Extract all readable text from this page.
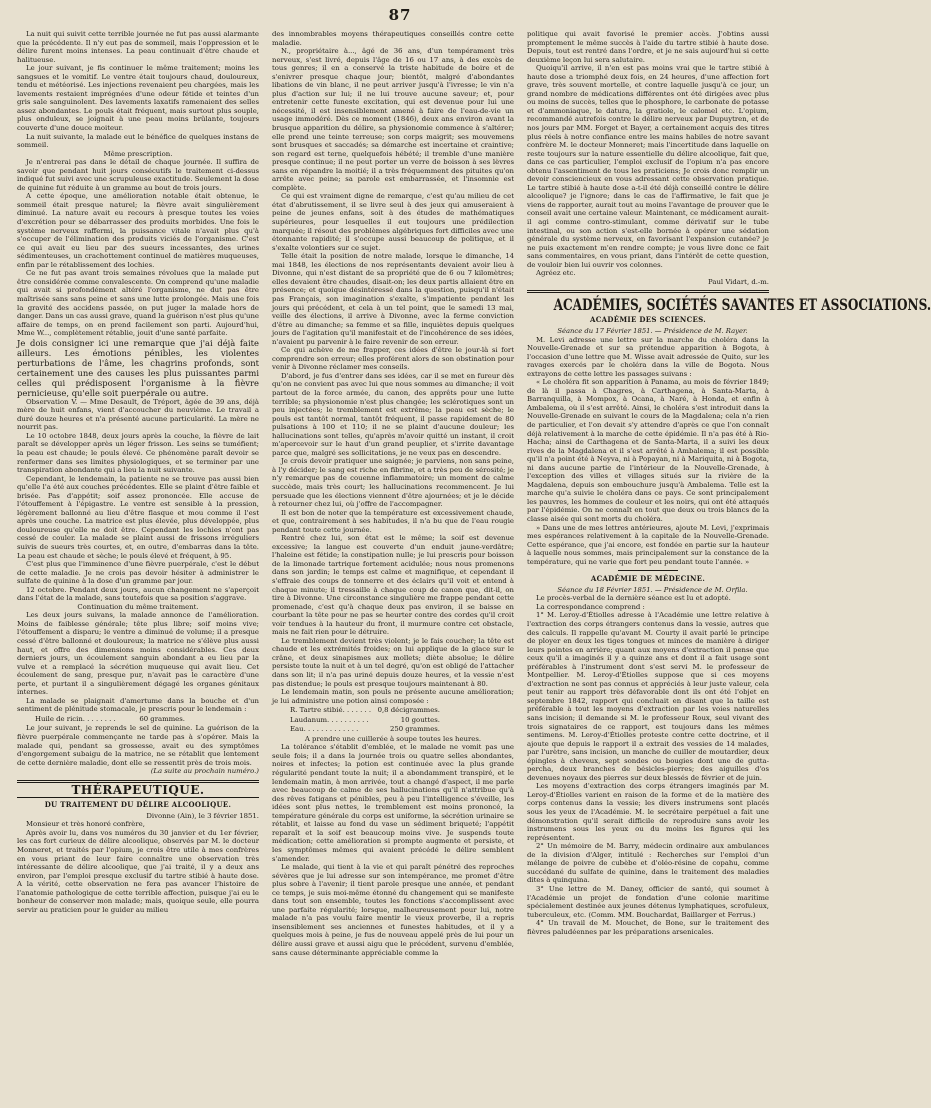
87

La nuit qui suivit cette terrible journée ne fut pas aussi alarmante que la précédente. Il n'y eut pas de sommeil, mais l'oppression et le délire furent moins intenses. La peau continuait d'être chaude et halitueuse.

Le jour suivant, je fis continuer le même traitement; moins les sangsues et le vomitif. Le ventre était toujours chaud, douloureux, tendu et météorisé. Les injections revenaient peu chargées, mais les lavements restaient imprégnées d'une odeur fétide et teintes d'un gris sale sanguinolent. Des lavements laxatifs ramenaient des selles assez abondantes. Le pouls était fréquent, mais surtout plus souple, plus onduleux, se joignait à une peau moins brûlante, toujours couverte d'une douce moiteur.

La nuit suivante, la malade eut le bénéfice de quelques instans de sommeil.

Même prescription.

Je n'entrerai pas dans le détail de chaque journée. Il suffira de savoir que pendant huit jours consécutifs le traitement ci-dessus indiqué fut suivi avec une scrupuleuse exactitude. Seulement la dose de quinine fut réduite à un gramme au bout de trois jours.

A cette époque, une amélioration notable était obtenue, le sommeil était presque naturel; la fièvre avait singulièrement diminué. La nature avait eu recours à presque toutes les voies d'excrétion pour se débarrasser des produits morbides. Une fois le système nerveux raffermi, la puissance vitale n'avait plus qu'à s'occuper de l'élimination des produits viciés de l'organisme. C'est ce qui avait eu lieu par des sueurs incessantes, des urines sédimenteuses, un crachottement continuel de matières muqueuses, enfin par le rétablissement des lochies.

Ce ne fut pas avant trois semaines révolues que la malade put être considérée comme convalescente. On comprend qu'une maladie qui avait si profondément altéré l'organisme, ne dut pas être maîtrisée sans sans peine et sans une lutte prolongée. Mais une fois la gravité des accidens passée, on put juger la malade hors de danger. Dans un cas aussi grave, quand la guérison n'est plus qu'une affaire de temps, on en prend facilement son parti. Aujourd'hui, Mme W..., complètement rétablie, jouit d'une santé parfaite.

Je dois consigner ici une remarque que j'ai déjà faite ailleurs. Les émotions pénibles, les violentes perturbations de l'âme, les chagrins profonds, sont certainement une des causes les plus puissantes parmi celles qui prédisposent l'organisme à la fièvre pernicieuse, qu'elle soit puerpérale ou autre.

Observation V. — Mme Desault, de Tréport, âgée de 39 ans, déjà mère de huit enfans, vient d'accoucher du neuvième. Le travail a duré douze heures et n'a présenté aucune particularité. La mère ne nourrit pas.

Le 10 octobre 1848, deux jours après la couche, la fièvre de lait paraît se développer après un léger frisson. Les seins se tuméfient; la peau est chaude; le pouls élevé. Ce phénomène paraît devoir se renfermer dans ses limites physiologiques, et se terminer par une transpiration abondante qui a lieu la nuit suivante.

Cependant, le lendemain, la patiente ne se trouve pas aussi bien qu'elle l'a été aux couches précédentes. Elle se plaint d'être faible et brisée. Pas d'appétit; soif assez prononcée. Elle accuse de l'étouffement à l'épigastre. Le ventre est sensible à la pression, légèrement ballonné au lieu d'être flasque et mou comme il l'est après une couche. La matrice est plus élevée, plus développée, plus douloureuse qu'elle ne doit être. Cependant les lochies n'ont pas cessé de couler. La malade se plaint aussi de frissons irréguliers suivis de sueurs très courtes, et, en outre, d'embarras dans la tête. La peau est chaude et sèche; le pouls élevé et fréquent, à 95.

C'est plus que l'imminence d'une fièvre puerpérale, c'est le début de cette maladie. Je ne crois pas devoir hésiter à administrer le sulfate de quinine à la dose d'un gramme par jour.

12 octobre. Pendant deux jours, aucun changement ne s'aperçoit dans l'état de la malade, sans toutefois que sa position s'aggrave.

Continuation du même traitement.

Les deux jours suivans, la malade annonce de l'amélioration. Moins de faiblesse générale; tête plus libre; soif moins vive; l'étouffement a disparu; le ventre a diminué de volume; il a presque cessé d'être ballonné et douloureux; la matrice ne s'élève plus aussi haut, et offre des dimensions moins considérables. Ces deux derniers jours, un écoulement sanguin abondant a eu lieu par la vulve et a remplacé la sécrétion muqueuse qui avait lieu. Cet écoulement de sang, presque pur, n'avait pas le caractère d'une perte, et purtant il a singulièrement dégagé les organes génitaux internes.

La malade se plaignait d'amertume dans la bouche et d'un sentiment de plénitude stomacale, je prescris pour le lendemain :

Huile de ricin. . . . . . . .	60 grammes.

Le jour suivant, je reprends le sel de quinine. La guérison de la fièvre puerpérale commençante ne tarde pas à s'opérer. Mais la malade qui, pendant sa grossesse, avait eu des symptômes d'engorgement subaigu de la matrice, ne se rétablit que lentement de cette dernière maladie, dont elle se ressentit près de trois mois.

(La suite au prochain numéro.)

THÉRAPEUTIQUE.
DU TRAITEMENT DU DÉLIRE ALCOOLIQUE.

Divonne (Ain), le 3 février 1851.

Monsieur et très honoré confrère,

Après avoir lu, dans vos numéros du 30 janvier et du 1er février, les cas fort curieux de délire alcoolique, observés par M. le docteur Monneret, et traités par l'opium, je crois être utile à mes confrères en vous priant de leur faire connaître une observation très intéressante de délire alcoolique, que j'ai traité, il y a deux ans environ, par l'emploi presque exclusif du tartre stibié à haute dose. A la vérité, cette observation ne fera pas avancer l'histoire de l'anatomie pathologique de cette terrible affection, puisque j'ai eu le bonheur de conserver mon malade; mais, quoique seule, elle pourra servir au praticien pour le guider au milieu

des innombrables moyens thérapeutiques conseillés contre cette maladie.

N., propriétaire à..., âgé de 36 ans, d'un tempérament très nerveux, s'est livré, depuis l'âge de 16 ou 17 ans, à des excès de tous genres; il en a conservé la triste habitude de boire et de s'enivrer presque chaque jour; bientôt, malgré d'abondantes libations de vin blanc, il ne peut arriver jusqu'à l'ivresse; le vin n'a plus d'action sur lui; il ne lui trouve aucune saveur; et, pour entretenir cette funeste excitation, qui est devenue pour lui une nécessité, il est insensiblement amené à faire de l'eau-de-vie un usage immodéré. Dès ce moment (1846), deux ans environ avant la brusque apparition du délire, sa physionomie commence à s'altérer; elle prend une teinte terreuse; son corps maigrit; ses mouvemens sont brusques et saccadés; sa démarche est incertaine et craintive; son regard est terne, quelquefois hébété; il tremble d'une manière presque continue; il ne peut porter un verre de boisson à ses lèvres sans en répandre la moitié; il a très fréquemment des pituites qu'on arrête avec peine; sa parole est embarrassée, et l'insomnie est complète.

Ce qui est vraiment digne de remarque, c'est qu'au milieu de cet état d'abrutissement, il se livre seul à des jeux qui amuseraient à peine de jeunes enfans, soit à des études de mathématiques supérieures, pour lesquelles il eut toujours une prédilection marquée; il résout des problèmes algébriques fort difficiles avec une étonnante rapidité; il s'occupe aussi beaucoup de politique, et il s'exalte volontiers sur ce sujet.

Telle était la position de notre malade, lorsque le dimanche, 14 mai 1848, les élections de nos représentants devaient avoir lieu à Divonne, qui n'est distant de sa propriété que de 6 ou 7 kilomètres; elles devaient être chaudes, disait-on; les deux partis allaient être en présence; et quoique désintéressé dans la question, puisqu'il n'était pas Français, son imagination s'exalte, s'impatiente pendant les jours qui précédent, et cela à un tel point, que le samedi 13 mai, veille des élections, il arrive à Divonne, avec la ferme conviction d'être au dimanche; sa femme et sa fille, inquiètes depuis quelques jours de l'agitation qu'il manifestait et de l'incohérence de ses idées, n'avaient pu parvenir à le faire revenir de son erreur.

Ce qui achève de me frapper, ces idées d'être le jour-là si fort comprendre son erreur; elles proférent alors de son obstination pour venir à Divonne réclamer mes conseils.

D'abord, je fus d'entrer dans ses idées, car il se met en fureur dès qu'on ne convient pas avec lui que nous sommes au dimanche; il voit partout de la force armée, du canon, des apprêts pour une lutte terrible; sa physionomie n'est plus changée; les sclérotiques sont un peu injectées; le tremblement est extrême; la peau est sèche; le pouls est tantôt normal, tantôt fréquent, il passe rapidement de 80 pulsations à 100 et 110; il ne se plaint d'aucune douleur; les hallucinations sont telles, qu'après m'avoir quitté un instant, il croit m'apercevoir sur le haut d'un grand peuplier, et s'irrite davantage parce que, malgré ses sollicitations, je ne veux pas en descendre.

Je crois devoir pratiquer une saignée; je parviens, non sans peine, à l'y décider; le sang est riche en fibrine, et a très peu de sérosité; je n'y remarque pas de couenne inflammatoire; un moment de calme succède, mais très court; les hallucinations recommencent. Je lui persuade que les élections viennent d'être ajournées; et je le décide à retourner chez lui, où j'offre de l'accompagner.

Il est bon de noter que la température est excessivement chaude, et que, contrairement à ses habitudes, il n'a bu que de l'eau rougie pendant toute cette journée.

Rentré chez lui, son état est le même; la soif est devenue excessive; la langue est couverte d'un enduit jaune-verdâtre; l'haleine est fétide; la constipation nulle; je lui prescris pour boisson de la limonade tartrique fortement acidulée; nous nous promenons dans son jardin; le temps est calme et magnifique, et cependant il s'effraie des coups de tonnerre et des éclairs qu'il voit et entend à chaque minute; il tressaille à chaque coup de canon que, dit-il, on tire à Divonne. Une circonstance singulière me frappe pendant cette promenade, c'est qu'à chaque deux pas environ, il se baisse en courbant la tête pour ne pas se heurter contre des cordes qu'il croit voir tendues à la hauteur du front, il murmure contre cet obstacle, mais ne fait rien pour le détruire.

Le tremblement devient très violent; je le fais coucher; la tête est chaude et les extrémités froides; on lui applique de la glace sur le crâne, et deux sinapismes aux mollets; diète absolue; le délire persiste toute la nuit et à un tel degré, qu'on est obligé de l'attacher dans son lit; il n'a pas uriné depuis douze heures, et la vessie n'est pas distendue; le pouls est presque toujours maintenant à 80.

Le lendemain matin, son pouls ne présente aucune amélioration; je lui administre une potion ainsi composée :

R. Tartre stibié. . . . . . . 0,8 décigrammes.
Laudanum. . . . . . . . . .	10 gouttes.
Eau. . . . . . . . . . . . .	250 grammes.

A prendre une cuillerée à soupe toutes les heures.

La tolérance s'établit d'emblée, et le malade ne vomit pas une seule fois; il a dans la journée trois ou quatre selles abondantes, noires et infectes; la potion est continuée avec la plus grande régularité pendant toute la nuit; il a abondamment transpiré, et le lendemain matin, à mon arrivée, tout a changé d'aspect, il me parle avec beaucoup de calme de ses hallucinations qu'il n'attribue qu'à des rêves fatigans et pénibles, peu à peu l'intelligence s'éveille, les idées sont plus nettes, le tremblement est moins prononcé, la température générale du corps est uniforme, la sécrétion urinaire se rétablit, et laisse au fond du vase un sédiment briqueté; l'appétit reparaît et la soif est beaucoup moins vive. Je suspends toute médication; cette amélioration si prompte augmente et persiste, et les symptômes mêmes qui avaient précédé le délire semblent s'amender.

Le malade, qui tient à la vie et qui paraît pénétré des reproches sévères que je lui adresse sur son intempérance, me promet d'être plus sobre à l'avenir; il tient parole presque une année, et pendant ce temps, je suis moi-même étonné du changement qui se manifeste dans tout son ensemble, toutes les fonctions s'accomplissent avec une parfaite régularité; lorsque, malheureusement pour lui, notre malade n'a pas voulu faire mentir le vieux proverbe, il a repris insensiblement ses anciennes et funestes habitudes, et il y a quelques mois à peine, je fus de nouveau appelé près de lui pour un délire aussi grave et aussi aigu que le précédent, survenu d'emblée, sans cause déterminante appréciable comme la

politique qui avait favorisé le premier accès. J'obtins aussi promptement le même succès à l'aide du tartre stibié à haute dose. Depuis, tout est rentré dans l'ordre, et je ne sais aujourd'hui si cette deuxième leçon lui sera salutaire.

Quoiqu'il arrive, il n'en est pas moins vrai que le tartre stibié à haute dose a triomphé deux fois, en 24 heures, d'une affection fort grave, très souvent mortelle, et contre laquelle jusqu'à ce jour, un grand nombre de médications différentes ont été dirigées avec plus ou moins de succès, telles que le phosphore, le carbonate de potasse et d'ammoniaque, le datura, la gratiole, le calomel etc. L'opium, recommandé autrefois contre le délire nerveux par Dupuytren, et de nos jours par MM. Forget et Bayer, a certainement acquis des titres plus réels à notre confiance entre les mains habiles de notre savant confrère M. le docteur Monneret; mais l'incertitude dans laquelle on reste toujours sur la nature essentielle du délire alcoolique, fait que, dans ce cas particulier, l'emploi exclusif de l'opium n'a pas encore obtenu l'assentiment de tous les praticiens; Je crois donc remplir un devoir consciencieux en vous adressant cette observation pratique. Le tartre stibié à haute dose a-t-il été déjà conseillé contre le délire alcoolique? je l'ignore; dans le cas de l'affirmative, le fait que je viens de rapporter, aurait tout au moins l'avantage de prouver que le conseil avait une certaine valeur. Maintenant, ce médicament aurait-il agi comme contro-stimulant, comme dérivatif sur le tube intestinal, ou son action s'est-elle bornée à opérer une sédation générale du système nerveux, en favorisant l'expansion cutanée? je ne puis exactement m'en rendre compte; je vous livre donc ce fait sans commentaires, en vous priant, dans l'intérêt de cette question, de vouloir bien lui ouvrir vos colonnes.

Agréez etc.

Paul Vidart, d.-m.

ACADÉMIES, SOCIÉTÉS SAVANTES ET ASSOCIATIONS.
ACADÉMIE DES SCIENCES.

Séance du 17 Février 1851. — Présidence de M. Rayer.

M. Levi adresse une lettre sur la marche du choléra dans la Nouvelle-Grenade et sur sa prétendue apparition à Bogota, à l'occasion d'une lettre que M. Wisse avait adressée de Quito, sur les ravages exercés par le choléra dans la ville de Bogota. Nous extrayons de cette lettre les passages suivans :

« Le choléra fit son apparition à Panama, au mois de février 1849; de là il passa à Chagres, à Carthagena, à Santa-Marta, à Barranquilla, à Mompox, à Ocana, à Naré, à Honda, et enfin à Ambalema, où il s'est arrêté. Ainsi, le choléra s'est introduit dans la Nouvelle-Grenade en suivant le cours de la Magdalena; cela n'a rien de particulier, et l'on devait s'y attendre d'après ce que l'on connaît déjà relativement à la marche de cette épidémie. Il n'a pas été à Rio-Hacha; ainsi de Carthagena et de Santa-Marta, il a suivi les deux rives de la Magdalena et il s'est arrêté à Ambalema; il est possible qu'il n'a point été à Neyva, ni à Popayan, ni à Mariquita, ni à Bogota, ni dans aucune partie de l'intérieur de la Nouvelle-Grenade, à l'exception des villes et villages situés sur la rivière de la Magdalena, depuis son embouchure jusqu'à Ambalema. Telle est la marche qu'a suivie le choléra dans ce pays. Ce sont principalement les pauvres, les hommes de couleur et les noirs, qui ont été attaqués par l'épidémie. On ne connaît en tout que deux ou trois blancs de la classe aisée qui sont morts du choléra.

» Dans une de mes lettres antérieures, ajoute M. Levi, j'exprimais mes espérances relativement à la capitale de la Nouvelle-Grenade. Cette espérance, que j'ai encore, est fondée en partie sur la hauteur à laquelle nous sommes, mais principalement sur la constance de la température, qui ne varie que fort peu pendant toute l'année. »

ACADÉMIE DE MÉDECINE.

Séance du 18 Février 1851. — Présidence de M. Orfila.

Le procès-verbal de la dernière séance est lu et adopté.

La correspondance comprend :

1° M. Leroy-d'Étiolles adresse à l'Académie une lettre relative à l'extraction des corps étrangers contenus dans la vessie, autres que des calculs. Il rappelle qu'avant M. Courty il avait parlé le principe de ployer en deux les tiges tongues et minces de manière à diriger leurs pointes en arrière; quant aux moyens d'extraction il pense que ceux qu'il a imaginés il y a quinze ans et dont il a fait usage sont préférables à l'instrument dont s'est servi M. le professeur de Montpellier. M. Leroy-d'Étiolles suppose que si ces moyens d'extraction ne sont pas connus et appréciés à leur juste valeur, cela peut tenir au rapport très défavorable dont ils ont été l'objet en septembre 1842, rapport qui concluait en disant que la taille est préférable à tout les moyens d'extraction par les voies naturelles sans incision; il demande si M. le professeur Roux, seul vivant des trois signataires de ce rapport, est toujours dans les mêmes sentimens. M. Leroy-d'Étiolles proteste contre cette doctrine, et il ajoute que depuis le rapport il a extrait des vessies de 14 malades, par l'urètre, sans incision, un manche de cuiller de moutardier, deux épingles à cheveux, sept sondes ou bougies dont une de gutta-percha, deux branches de bésicles-pierres; des aiguilles d'os devenues noyaux des pierres sur deux blessés de février et de juin.

Les moyens d'extraction des corps étrangers imaginés par M. Leroy-d'Étiolles varient en raison de la forme et de la matière des corps contenus dans la vessie; les divers instrumens sont placés sous les yeux de l'Académie. M. le secrétaire perpétuel a fait une démonstration qu'il serait difficile de reproduire sans avoir les instrumens sous les yeux ou du moins les figures qui les représentent.

2° Un mémoire de M. Barry, médecin ordinaire aux ambulances de la division d'Alger, intitulé : Recherches sur l'emploi d'un mélange de poivre de cubèbe et d'oléo-résine de copahu, comme succédané du sulfate de quinine, dans le traitement des maladies dites à quinquina.

3° Une lettre de M. Daney, officier de santé, qui soumet à l'Académie un projet de fondation d'une colonie maritime spécialement destinée aux jeunes détenus lymphatiques, scrofuleux, tuberculeux, etc. (Comm. MM. Bouchardat, Baillarger et Ferrus.)

4° Un travail de M. Mouchet, de Bone, sur le traitement des fièvres paludéennes par les préparations arsenicales.
